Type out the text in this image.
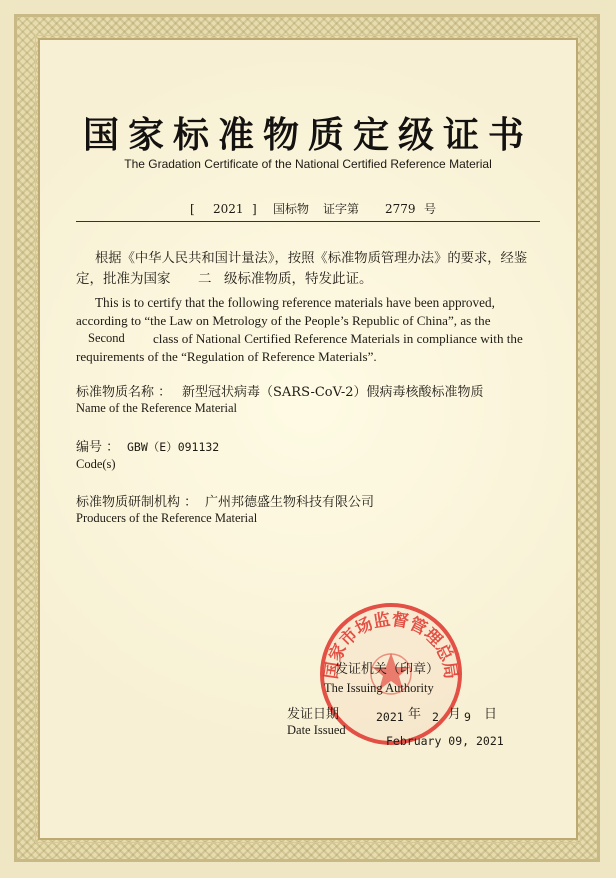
国家标准物质定级证书
The Gradation Certificate of the National Certified Reference Material
[ 2021 ] 国标物 证字第 2779 号
根据《中华人民共和国计量法》，按照《标准物质管理办法》的要求，经鉴
定，批准为国家 二 级标准物质，特发此证。
This is to certify that the following reference materials have been approved,
according to “the Law on Metrology of the People’s Republic of China”, as the
Second class of National Certified Reference Materials in compliance with the
requirements of the “Regulation of Reference Materials”.
标准物质名称 ： 新型冠状病毒（SARS-CoV-2）假病毒核酸标准物质
Name of the Reference Material
编号 ： GBW（E）091132
Code(s)
标准物质研制机构 ： 广州邦德盛生物科技有限公司
Producers of the Reference Material
国家市场监督管理总局
发证机关（印章）
The Issuing Authority
发证日期
Date Issued
2021 年 2 月 9 日
February 09, 2021
